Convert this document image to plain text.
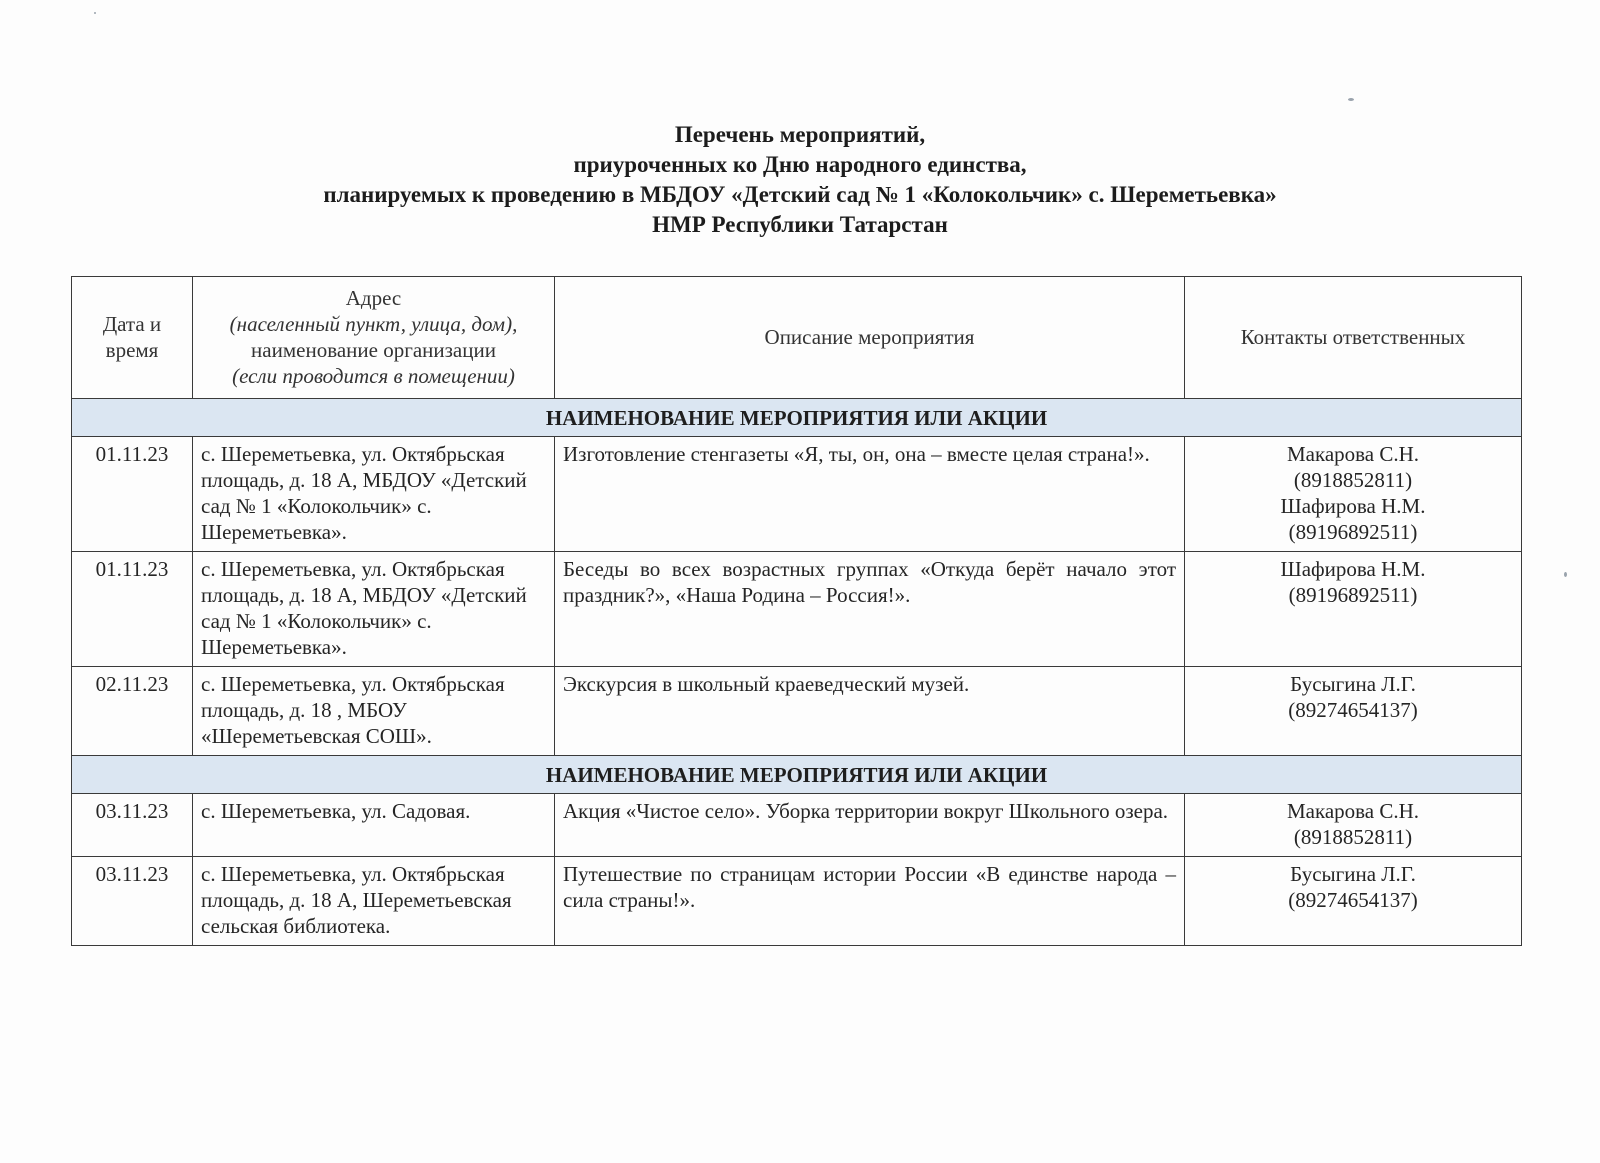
Перечень мероприятий,
приуроченных ко Дню народного единства,
планируемых к проведению в МБДОУ «Детский сад № 1 «Колокольчик» с. Шереметьевка»
НМР Республики Татарстан
Дата и время	Адрес
(населенный пункт, улица, дом),
наименование организации
(если проводится в помещении)	Описание мероприятия	Контакты ответственных
НАИМЕНОВАНИЕ МЕРОПРИЯТИЯ ИЛИ АКЦИИ			
01.11.23	с. Шереметьевка, ул. Октябрьская площадь, д. 18 А, МБДОУ «Детский сад № 1 «Колокольчик» с. Шереметьевка».	Изготовление стенгазеты «Я, ты, он, она – вместе целая страна!».	Макарова С.Н.
(8918852811)
Шафирова Н.М.
(89196892511)

01.11.23	с. Шереметьевка, ул. Октябрьская площадь, д. 18 А, МБДОУ «Детский сад № 1 «Колокольчик» с. Шереметьевка».	Беседы во всех возрастных группах «Откуда берёт начало этот праздник?», «Наша Родина – Россия!».	Шафирова Н.М.
(89196892511)

02.11.23	с. Шереметьевка, ул. Октябрьская площадь, д. 18 , МБОУ «Шереметьевская СОШ».	Экскурсия в школьный краеведческий музей.	Бусыгина Л.Г.
(89274654137)

НАИМЕНОВАНИЕ МЕРОПРИЯТИЯ ИЛИ АКЦИИ			
03.11.23	с. Шереметьевка, ул. Садовая.	Акция «Чистое село». Уборка территории вокруг Школьного озера.	Макарова С.Н.
(8918852811)

03.11.23	с. Шереметьевка, ул. Октябрьская площадь, д. 18 А, Шереметьевская сельская библиотека.	Путешествие по страницам истории России «В единстве народа – сила страны!».	Бусыгина Л.Г.
(89274654137)
